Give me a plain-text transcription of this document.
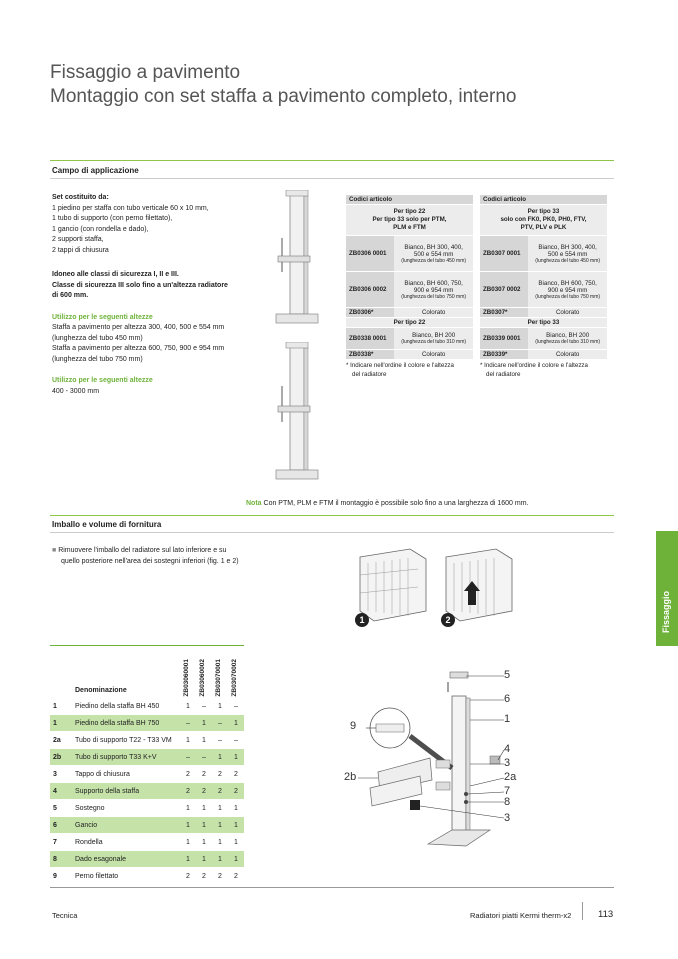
Fissaggio a pavimento
Montaggio con set staffa a pavimento completo, interno
Campo di applicazione
Set costituito da:
1 piedino per staffa con tubo verticale 60 x 10 mm,
1 tubo di supporto (con perno filettato),
1 gancio (con rondella e dado),
2 supporti staffa,
2 tappi di chiusura
Idoneo alle classi di sicurezza I, II e III.
Classe di sicurezza III solo fino a un'altezza radiatore
di 600 mm.
Utilizzo per le seguenti altezze
Staffa a pavimento per altezza 300, 400, 500 e 554 mm
(lunghezza del tubo 450 mm)
Staffa a pavimento per altezza 600, 750, 900 e 954 mm
(lunghezza del tubo 750 mm)
Utilizzo per le seguenti altezze
400 - 3000 mm
Codici articolo	

Per tipo 22
Per tipo 33 solo per PTM,
PLM e FTM	

ZB0306 0001	Bianco, BH 300, 400,
500 e 554 mm
(lunghezza del tubo 450 mm)

ZB0306 0002	Bianco, BH 600, 750,
900 e 954 mm
(lunghezza del tubo 750 mm)

ZB0306*	Colorato
Per tipo 22	
ZB0338 0001	Bianco, BH 200
(lunghezza del tubo 310 mm)

ZB0338*	Colorato
* Indicare nell'ordine il colore e l'altezza
del radiatore
Codici articolo	

Per tipo 33
solo con FK0, PK0, PH0, FTV,
PTV, PLV e PLK	

ZB0307 0001	Bianco, BH 300, 400,
500 e 554 mm
(lunghezza del tubo 450 mm)

ZB0307 0002	Bianco, BH 600, 750,
900 e 954 mm
(lunghezza del tubo 750 mm)

ZB0307*	Colorato
Per tipo 33	
ZB0339 0001	Bianco, BH 200
(lunghezza del tubo 310 mm)

ZB0339*	Colorato
* Indicare nell'ordine il colore e l'altezza
del radiatore
Nota Con PTM, PLM e FTM il montaggio è possibile solo fino a una larghezza di 1600 mm.
Imballo e volume di fornitura
■ Rimuovere l'imballo del radiatore sul lato inferiore e su
quello posteriore nell'area dei sostegni inferiori (fig. 1 e 2)
1	2
Denominazione		ZB03060001	ZB03060002	ZB03070001	ZB03070002

1	Piedino della staffa BH 450	1	–	1	–
1	Piedino della staffa BH 750	–	1	–	1
2a	Tubo di supporto T22 - T33 VM	1	1	–	–
2b	Tubo di supporto T33 K+V	–	–	1	1
3	Tappo di chiusura	2	2	2	2
4	Supporto della staffa	2	2	2	2
5	Sostegno	1	1	1	1
6	Gancio	1	1	1	1
7	Rondella	1	1	1	1
8	Dado esagonale	1	1	1	1
9	Perno filettato	2	2	2	2
5
6
1
9
4
3
2a
2b
7
8
3
Fissaggio
Tecnica	Radiatori piatti Kermi therm-x2	113
